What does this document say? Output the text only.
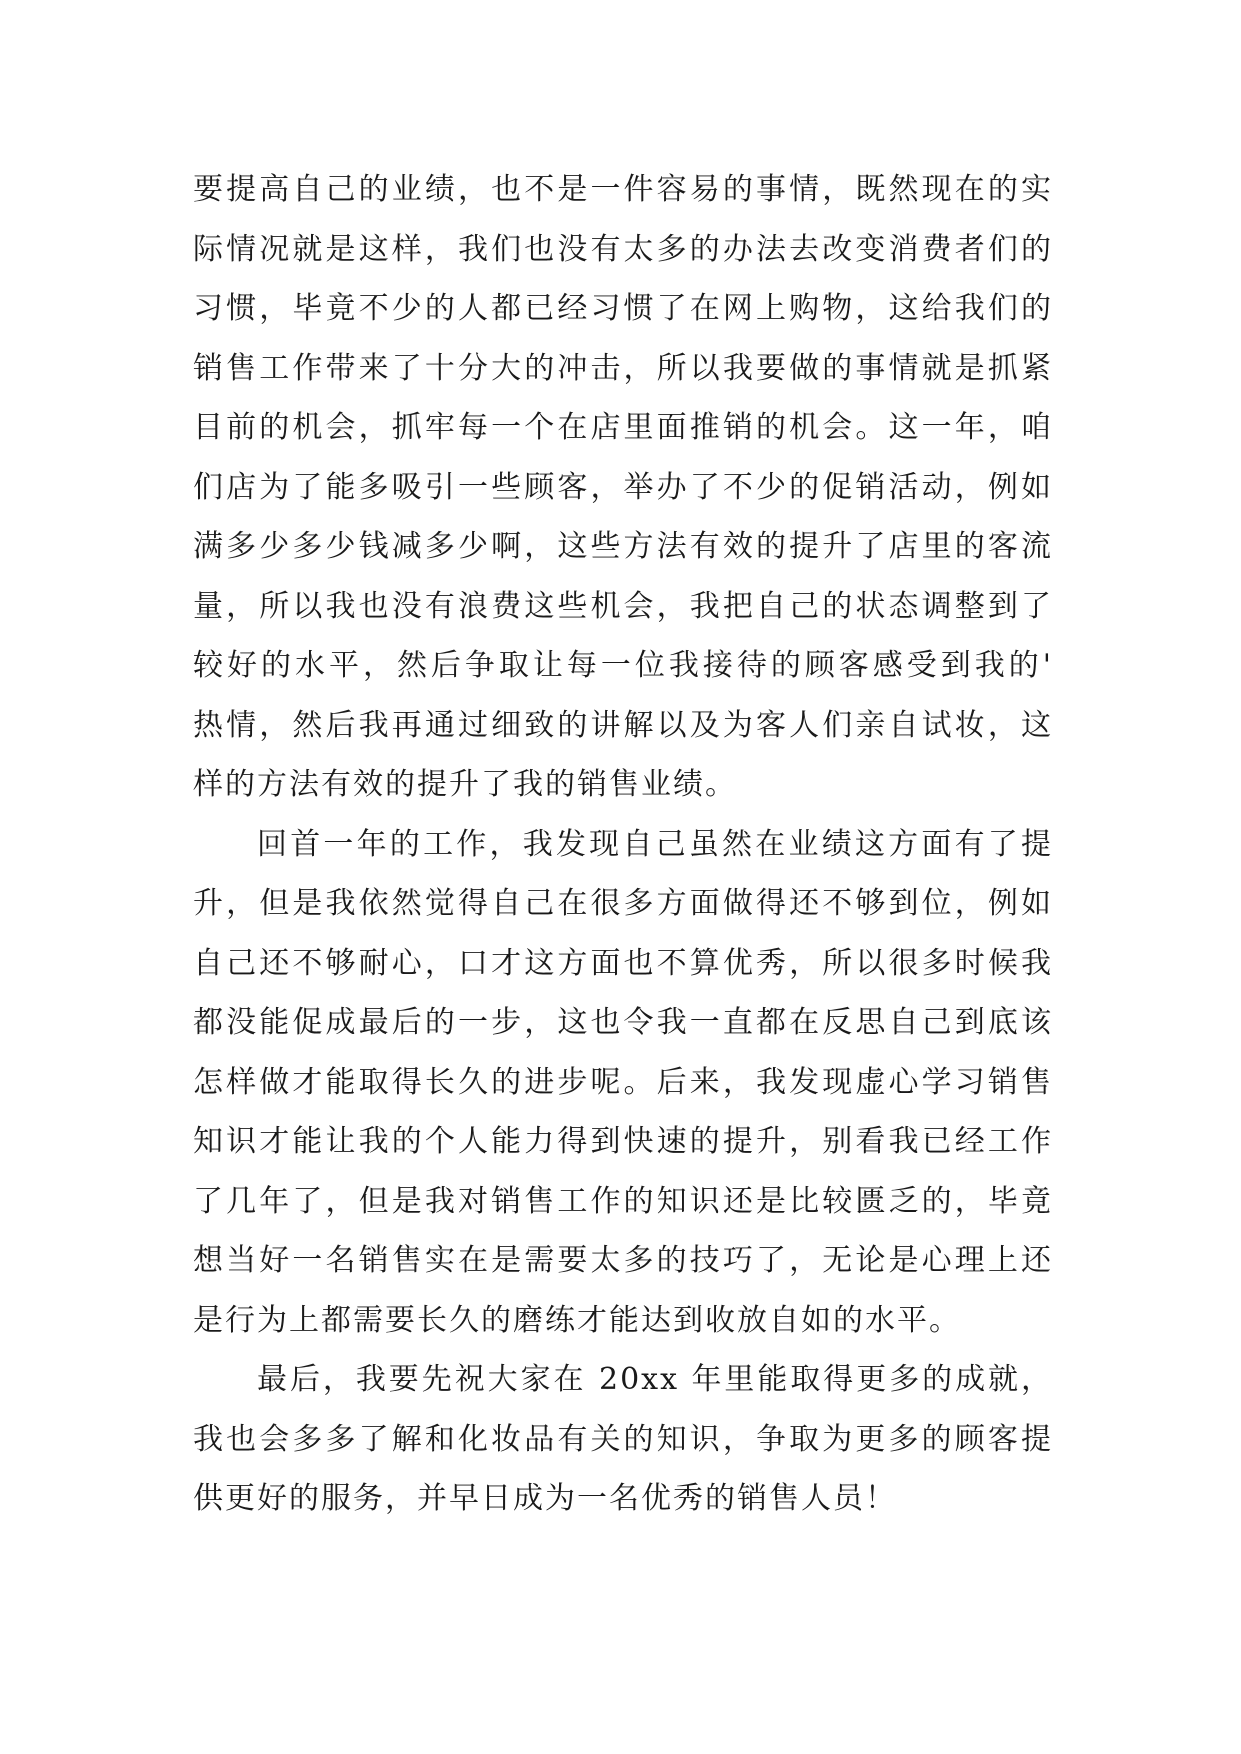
要提高自己的业绩，也不是一件容易的事情，既然现在的实
际情况就是这样，我们也没有太多的办法去改变消费者们的
习惯，毕竟不少的人都已经习惯了在网上购物，这给我们的
销售工作带来了十分大的冲击，所以我要做的事情就是抓紧
目前的机会，抓牢每一个在店里面推销的机会。这一年，咱
们店为了能多吸引一些顾客，举办了不少的促销活动，例如
满多少多少钱减多少啊，这些方法有效的提升了店里的客流
量，所以我也没有浪费这些机会，我把自己的状态调整到了
较好的水平，然后争取让每一位我接待的顾客感受到我的'
热情，然后我再通过细致的讲解以及为客人们亲自试妆，这
样的方法有效的提升了我的销售业绩。
回首一年的工作，我发现自己虽然在业绩这方面有了提
升，但是我依然觉得自己在很多方面做得还不够到位，例如
自己还不够耐心，口才这方面也不算优秀，所以很多时候我
都没能促成最后的一步，这也令我一直都在反思自己到底该
怎样做才能取得长久的进步呢。后来，我发现虚心学习销售
知识才能让我的个人能力得到快速的提升，别看我已经工作
了几年了，但是我对销售工作的知识还是比较匮乏的，毕竟
想当好一名销售实在是需要太多的技巧了，无论是心理上还
是行为上都需要长久的磨练才能达到收放自如的水平。
最后，我要先祝大家在 20xx 年里能取得更多的成就，
我也会多多了解和化妆品有关的知识，争取为更多的顾客提
供更好的服务，并早日成为一名优秀的销售人员！
